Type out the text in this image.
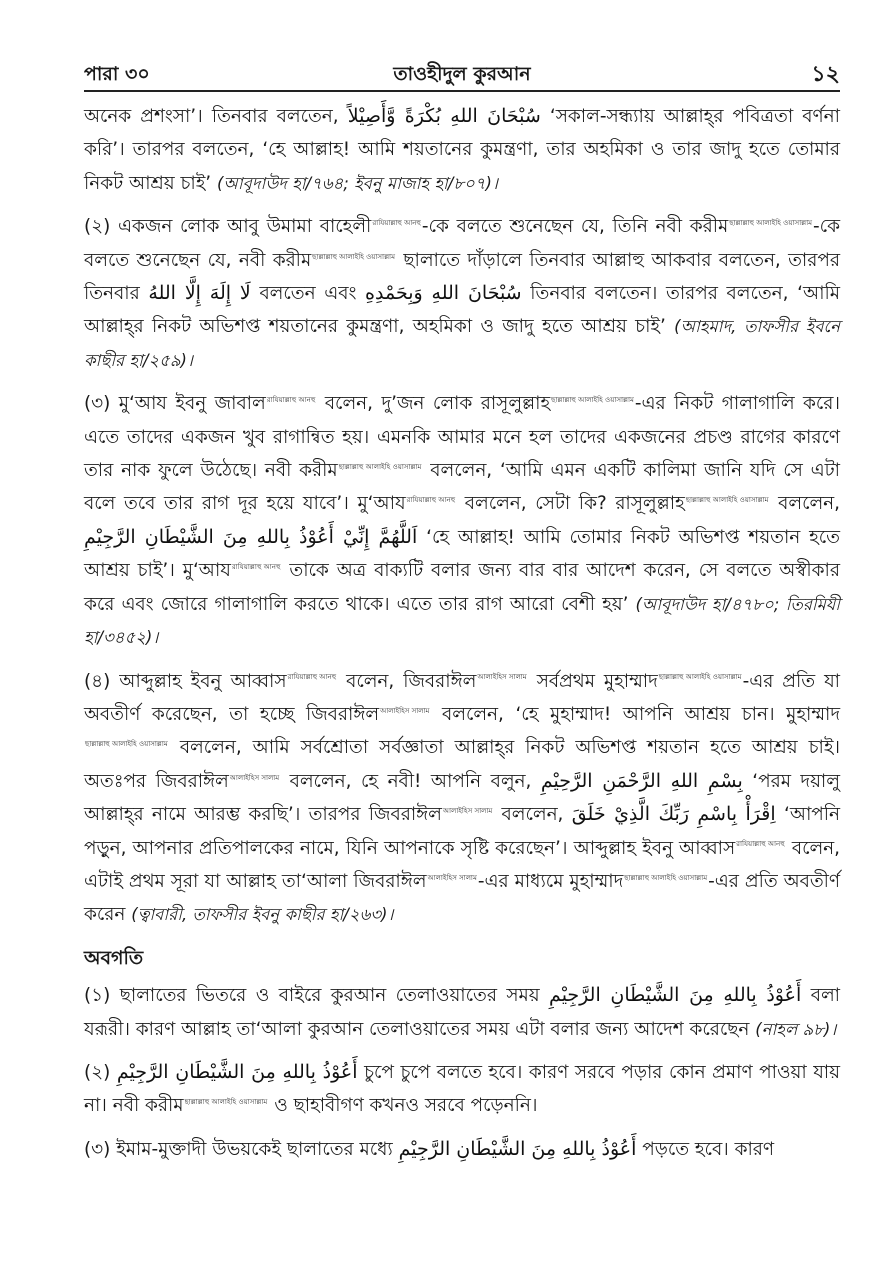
পারা ৩০	তাওহীদুল কুরআন	১২

অনেক প্রশংসা’। তিনবার বলতেন, سُبْحَانَ اللهِ بُكْرَةً وَّأَصِيْلاً ‘সকাল-সন্ধ্যায় আল্লাহ্‌র পবিত্রতা বর্ণনা করি’। তারপর বলতেন, ‘হে আল্লাহ! আমি শয়তানের কুমন্ত্রণা, তার অহমিকা ও তার জাদু হতে তোমার নিকট আশ্রয় চাই’ (আবূদাউদ হা/৭৬৪; ইবনু মাজাহ হা/৮০৭)।

(২) একজন লোক আবু উমামা বাহেলীরাযিয়াল্লাহু আনহু-কে বলতে শুনেছেন যে, তিনি নবী করীমছাল্লাল্লাহু আলাইহি ওয়াসাল্লাম-কে বলতে শুনেছেন যে, নবী করীমছাল্লাল্লাহু আলাইহি ওয়াসাল্লাম ছালাতে দাঁড়ালে তিনবার আল্লাহু আকবার বলতেন, তারপর তিনবার لَا إِلَهَ إِلَّا اللهُ বলতেন এবং سُبْحَانَ اللهِ وَبِحَمْدِهِ তিনবার বলতেন। তারপর বলতেন, ‘আমি আল্লাহ্‌র নিকট অভিশপ্ত শয়তানের কুমন্ত্রণা, অহমিকা ও জাদু হতে আশ্রয় চাই’ (আহমাদ, তাফসীর ইবনে কাছীর হা/২৫৯)।

(৩) মু‘আয ইবনু জাবালরাযিয়াল্লাহু আনহু বলেন, দু’জন লোক রাসূলুল্লাহছাল্লাল্লাহু আলাইহি ওয়াসাল্লাম-এর নিকট গালাগালি করে। এতে তাদের একজন খুব রাগান্বিত হয়। এমনকি আমার মনে হল তাদের একজনের প্রচণ্ড রাগের কারণে তার নাক ফুলে উঠেছে। নবী করীমছাল্লাল্লাহু আলাইহি ওয়াসাল্লাম বললেন, ‘আমি এমন একটি কালিমা জানি যদি সে এটা বলে তবে তার রাগ দূর হয়ে যাবে’। মু‘আযরাযিয়াল্লাহু আনহু বললেন, সেটা কি? রাসূলুল্লাহছাল্লাল্লাহু আলাইহি ওয়াসাল্লাম বললেন, اَللَّهُمَّ إِنِّيْ أَعُوْذُ بِاللهِ مِنَ الشَّيْطَانِ الرَّجِيْمِ ‘হে আল্লাহ! আমি তোমার নিকট অভিশপ্ত শয়তান হতে আশ্রয় চাই’। মু‘আযরাযিয়াল্লাহু আনহু তাকে অত্র বাক্যটি বলার জন্য বার বার আদেশ করেন, সে বলতে অস্বীকার করে এবং জোরে গালাগালি করতে থাকে। এতে তার রাগ আরো বেশী হয়’ (আবূদাউদ হা/৪৭৮০; তিরমিযী হা/৩৪৫২)।

(৪) আব্দুল্লাহ ইবনু আব্বাসরাযিয়াল্লাহু আনহু বলেন, জিবরাঈলআলাইহিস সালাম সর্বপ্রথম মুহাম্মাদছাল্লাল্লাহু আলাইহি ওয়াসাল্লাম-এর প্রতি যা অবতীর্ণ করেছেন, তা হচ্ছে জিবরাঈলআলাইহিস সালাম বললেন, ‘হে মুহাম্মাদ! আপনি আশ্রয় চান। মুহাম্মাদছাল্লাল্লাহু আলাইহি ওয়াসাল্লাম বললেন, আমি সর্বশ্রোতা সর্বজ্ঞাতা আল্লাহ্‌র নিকট অভিশপ্ত শয়তান হতে আশ্রয় চাই। অতঃপর জিবরাঈলআলাইহিস সালাম বললেন, হে নবী! আপনি বলুন, بِسْمِ اللهِ الرَّحْمَنِ الرَّحِيْمِ ‘পরম দয়ালু আল্লাহ্‌র নামে আরম্ভ করছি’। তারপর জিবরাঈলআলাইহিস সালাম বললেন, اِقْرَأْ بِاسْمِ رَبِّكَ الَّذِيْ خَلَقَ ‘আপনি পড়ুন, আপনার প্রতিপালকের নামে, যিনি আপনাকে সৃষ্টি করেছেন’। আব্দুল্লাহ ইবনু আব্বাসরাযিয়াল্লাহু আনহু বলেন, এটাই প্রথম সূরা যা আল্লাহ তা‘আলা জিবরাঈলআলাইহিস সালাম-এর মাধ্যমে মুহাম্মাদছাল্লাল্লাহু আলাইহি ওয়াসাল্লাম-এর প্রতি অবতীর্ণ করেন (ত্বাবারী, তাফসীর ইবনু কাছীর হা/২৬৩)।

অবগতি

(১) ছালাতের ভিতরে ও বাইরে কুরআন তেলাওয়াতের সময় أَعُوْذُ بِاللهِ مِنَ الشَّيْطَانِ الرَّجِيْمِ বলা যরূরী। কারণ আল্লাহ তা‘আলা কুরআন তেলাওয়াতের সময় এটা বলার জন্য আদেশ করেছেন (নাহল ৯৮)।

(২) أَعُوْذُ بِاللهِ مِنَ الشَّيْطَانِ الرَّجِيْمِ চুপে চুপে বলতে হবে। কারণ সরবে পড়ার কোন প্রমাণ পাওয়া যায় না। নবী করীমছাল্লাল্লাহু আলাইহি ওয়াসাল্লাম ও ছাহাবীগণ কখনও সরবে পড়েননি।

(৩) ইমাম-মুক্তাদী উভয়কেই ছালাতের মধ্যে أَعُوْذُ بِاللهِ مِنَ الشَّيْطَانِ الرَّجِيْمِ পড়তে হবে। কারণ
